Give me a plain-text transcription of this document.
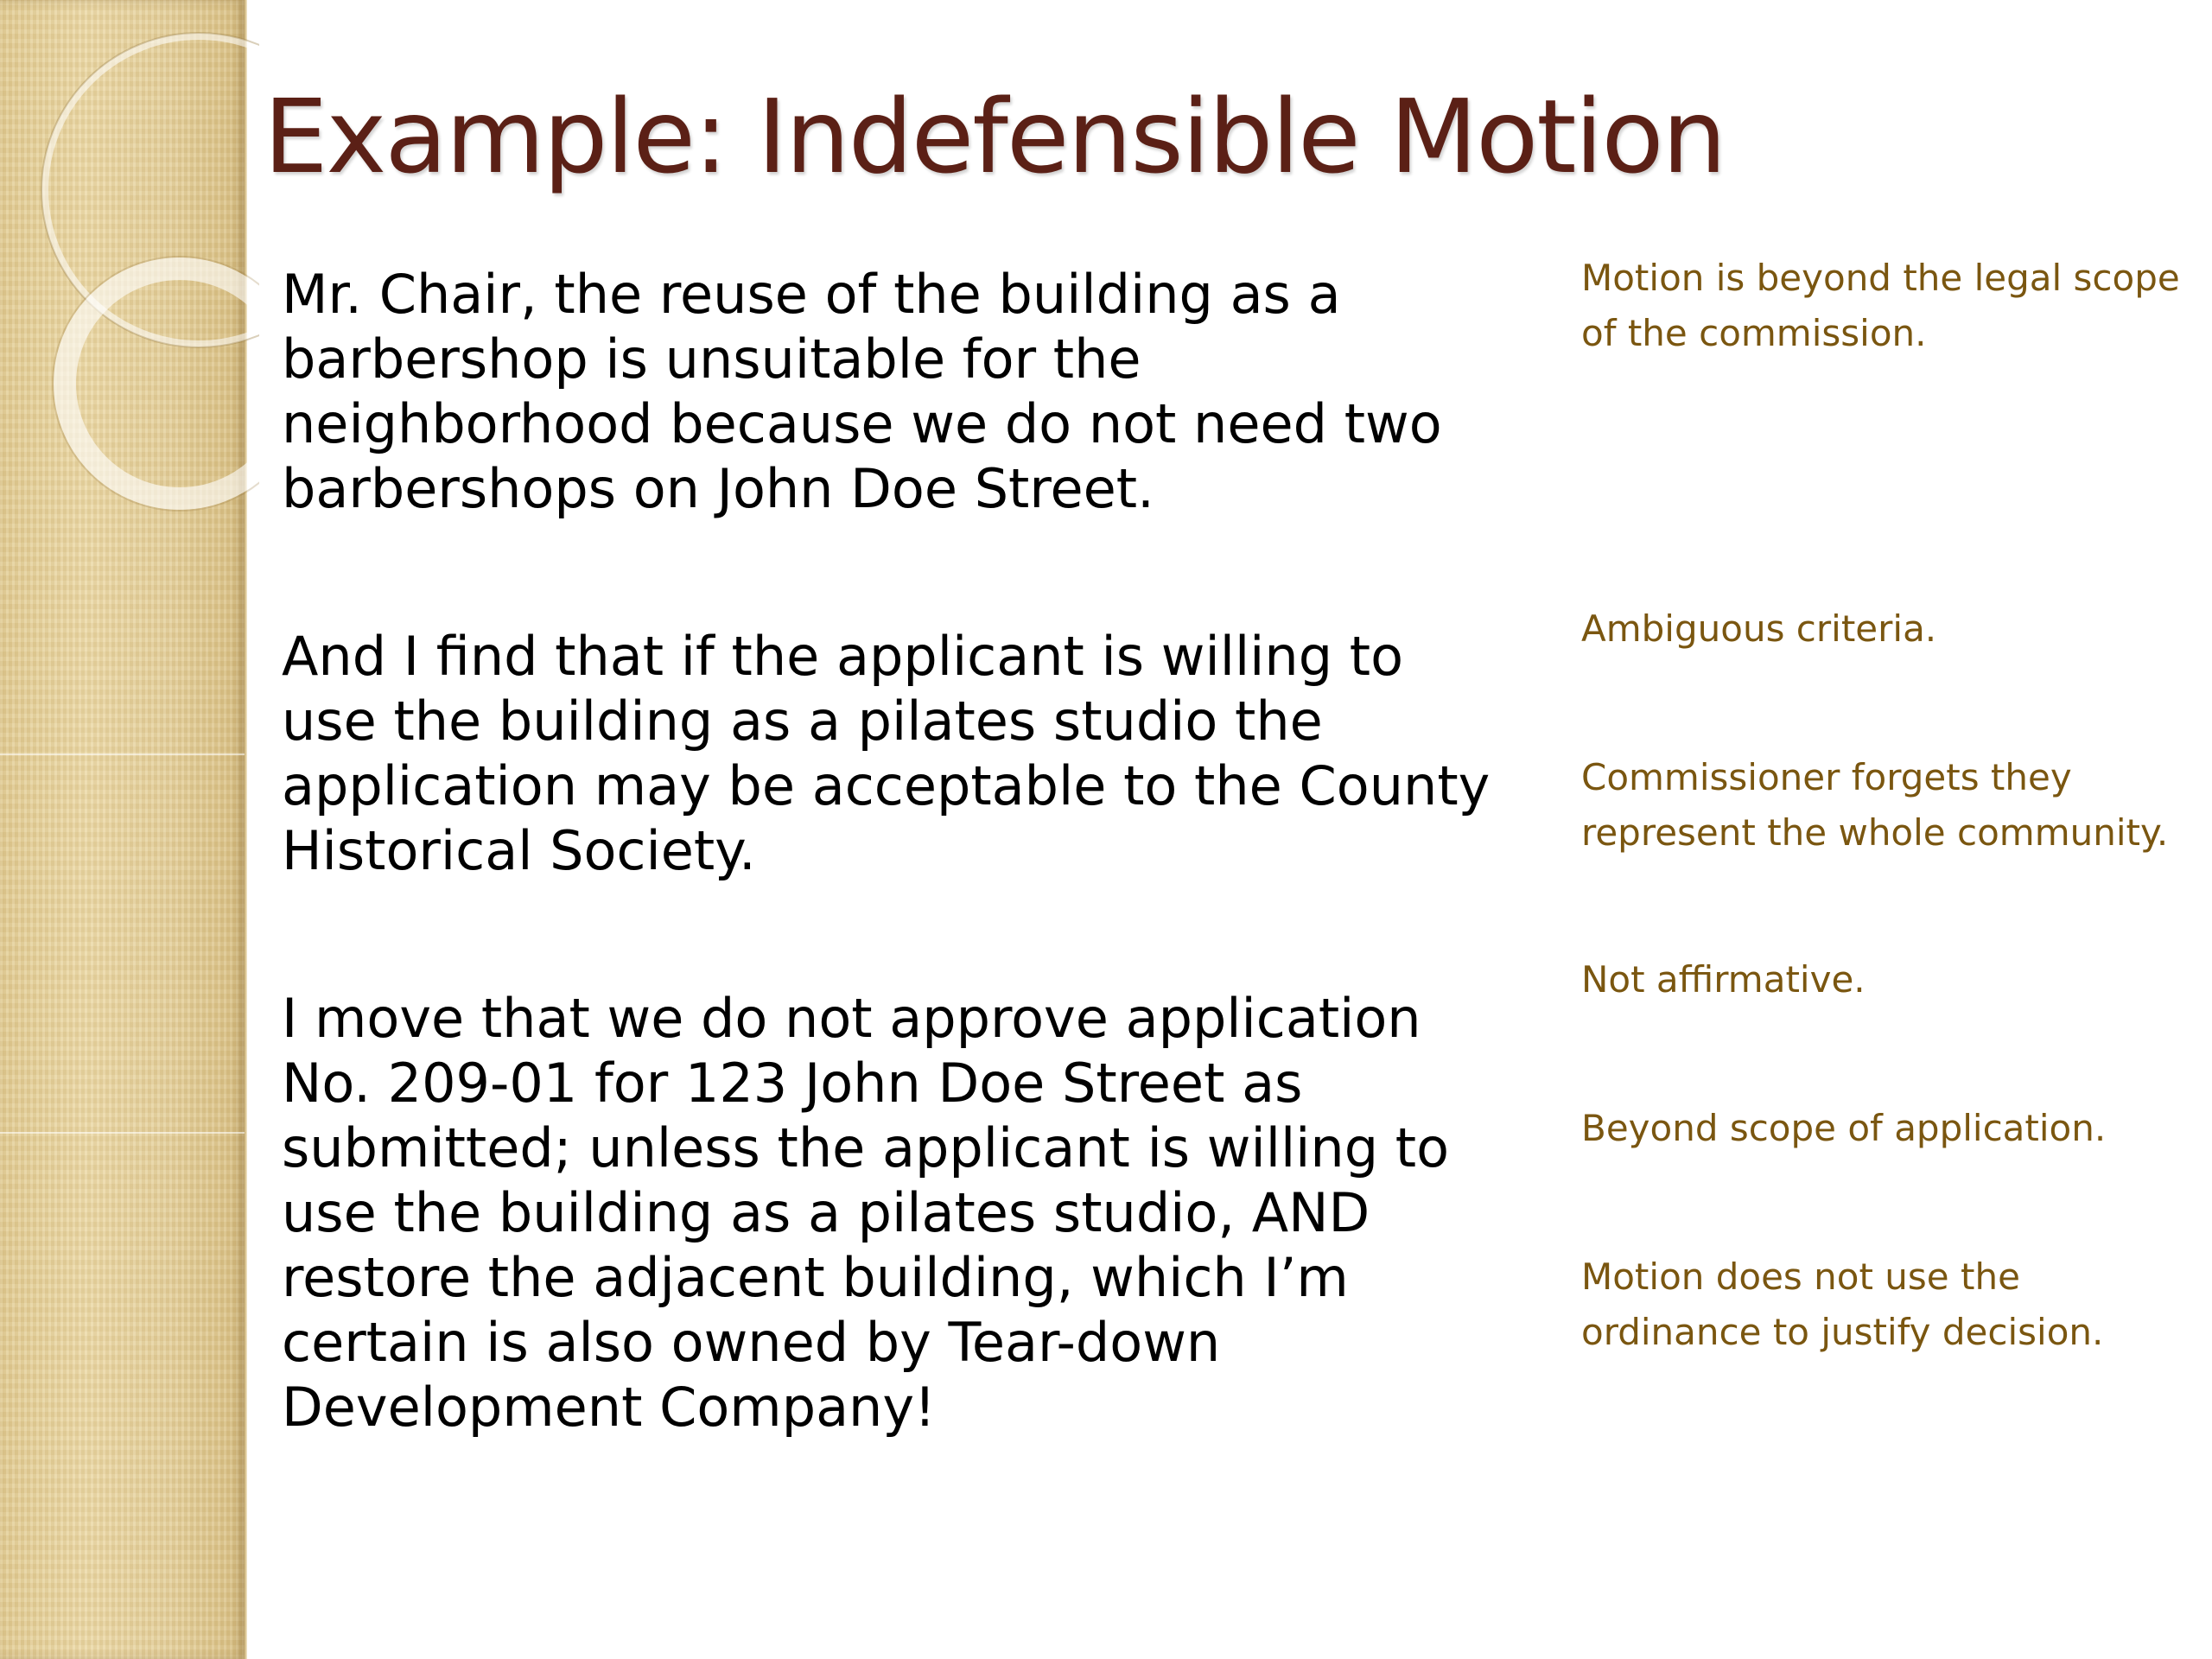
Example: Indefensible Motion

Mr. Chair, the reuse of the building as a barbershop is unsuitable for the neighborhood because we do not need two barbershops on John Doe Street.

And I find that if the applicant is willing to use the building as a pilates studio the application may be acceptable to the County Historical Society.

I move that we do not approve application No. 209-01 for 123 John Doe Street as submitted; unless the applicant is willing to use the building as a pilates studio, AND restore the adjacent building, which I’m certain is also owned by Tear-down Development Company!

Motion is beyond the legal scope of the commission.

Ambiguous criteria.

Commissioner forgets they represent the whole community.

Not affirmative.

Beyond scope of application.

Motion does not use the ordinance to justify decision.
